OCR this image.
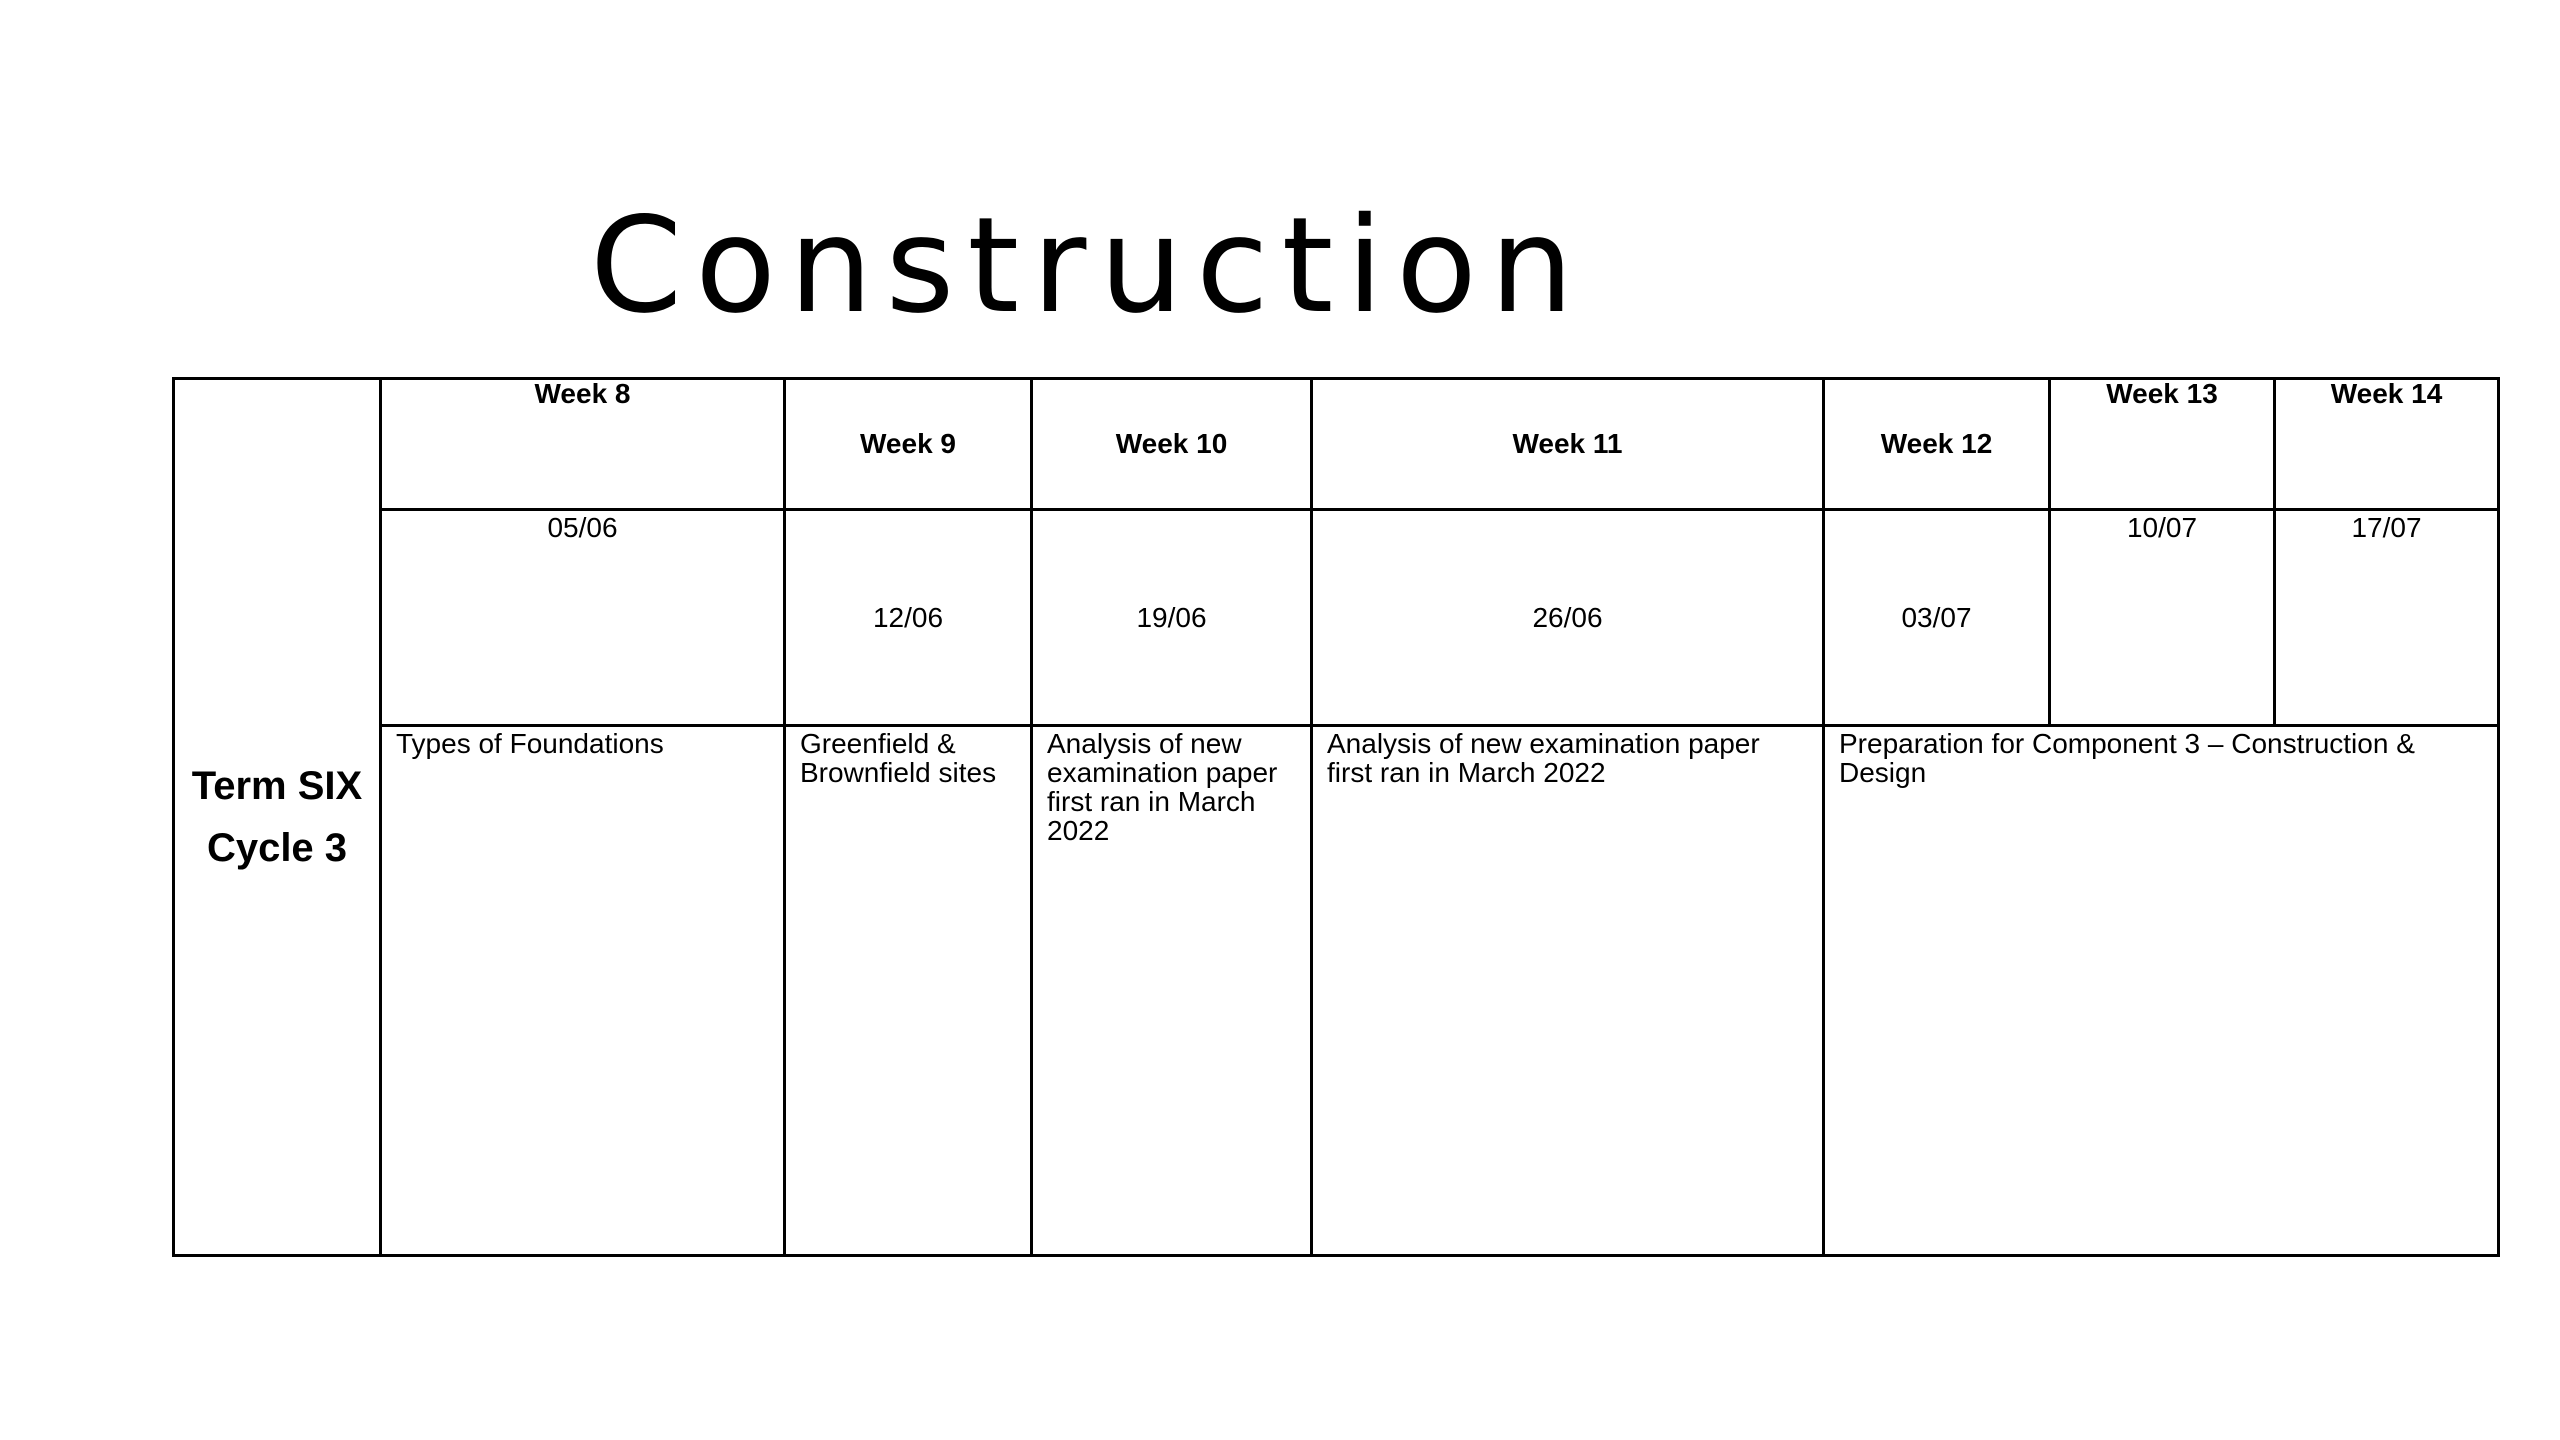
Construction
Term SIX
Cycle 3	Week 8	Week 9	Week 10	Week 11	Week 12	Week 13	Week 14
	05/06	12/06	19/06	26/06	03/07	10/07	17/07
	Types of Foundations	Greenfield & Brownfield sites	Analysis of new examination paper first ran in March 2022	Analysis of new examination paper first ran in March 2022	Preparation for Component 3 – Construction & Design		
